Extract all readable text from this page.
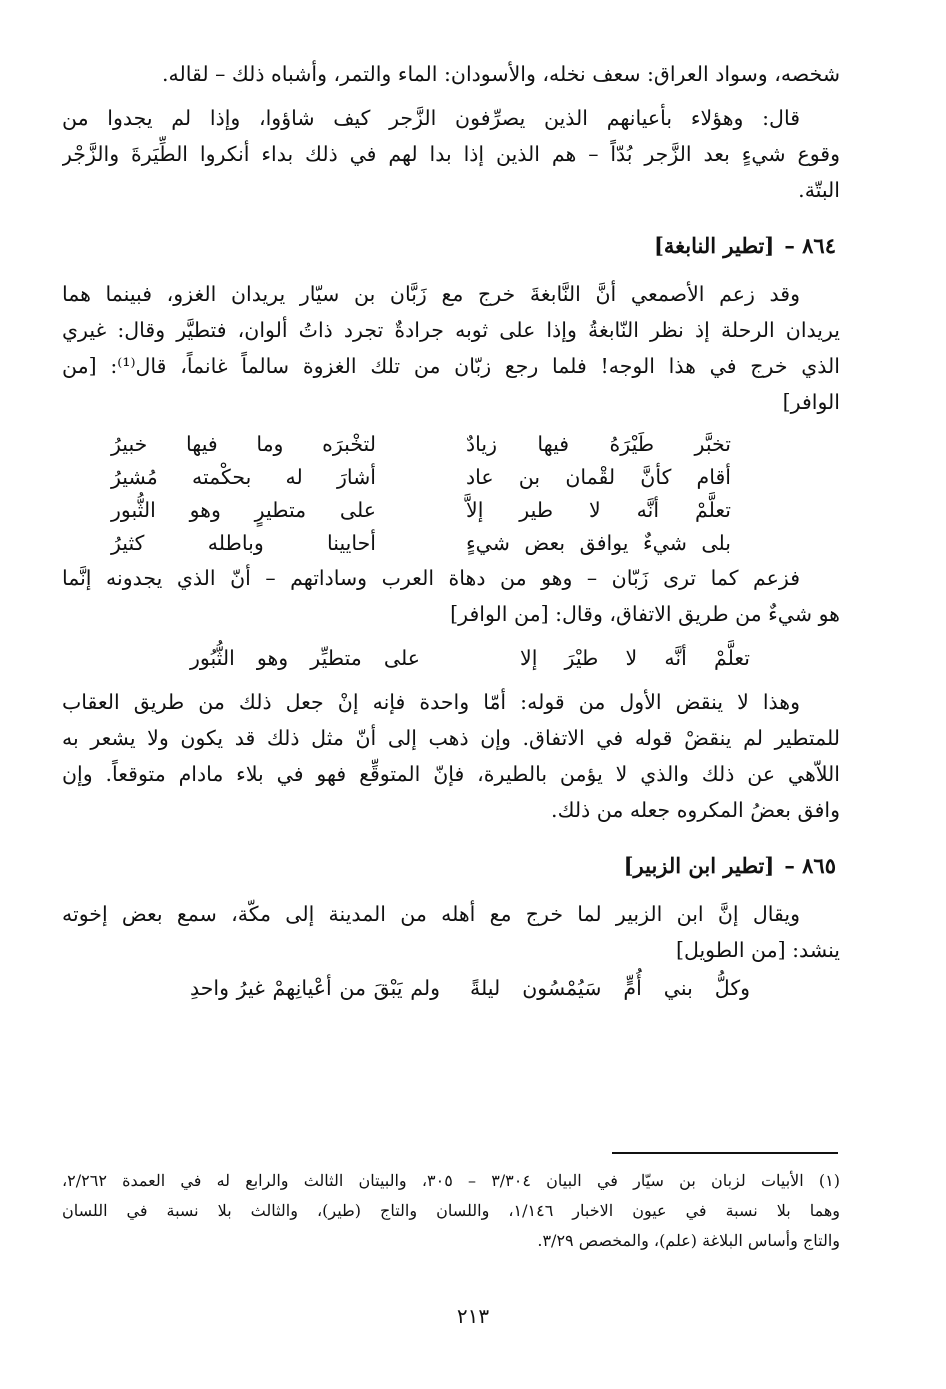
شخصه، وسواد العراق: سعف نخله، والأسودان: الماء والتمر، وأشباه ذلك – لقاله.

قال: وهؤلاء بأعيانهم الذين يصرِّفون الزَّجر كيف شاؤوا، وإذا لم يجدوا من
وقوع شيءٍ بعد الزَّجر بُدّاً – هم الذين إذا بدا لهم في ذلك بداء أنكروا الطِّيَرةَ والزَّجْر
البتّة.

٨٦٤ –[تطير النابغة]

وقد زعم الأصمعي أنَّ النَّابغةَ خرج مع زَبَّان بن سيّار يريدان الغزو، فبينما هما
يريدان الرحلة إذ نظر النّابغةُ وإذا على ثوبه جرادةٌ تجرد ذاتُ ألوان، فتطيَّر وقال: غيري
الذي خرج في هذا الوجه! فلما رجع زبّان من تلك الغزوة سالماً غانماً، قال⁽¹⁾: [من
الوافر]

تخبَّر طَيْرَهُ فيها زيادٌ
لتخْبرَه وما فيها خبيرُ
أقام كأنَّ لقْمان بن عاد
أشارَ له بحكْمته مُشيرُ
تعلَّمْ أنَّه لا طير إلاَّ
على متطيرٍ وهو الثُّبور
بلى شيءٌ يوافق بعض شيءٍ
أحايينا وباطله كثيرُ

فزعم كما ترى زَبّان – وهو من دهاة العرب وساداتهم – أنّ الذي يجدونه إنَّما
هو شيءٌ من طريق الاتفاق، وقال: [من الوافر]

تعلَّمْ أنَّه لا طيْرَ إلا
على متطيِّر وهو الثُّبُور

وهذا لا ينقض الأول من قوله: أمّا واحدة فإنه إنْ جعل ذلك من طريق العقاب
للمتطير لم ينقضْ قوله في الاتفاق. وإن ذهب إلى أنّ مثل ذلك قد يكون ولا يشعر به
اللاّهي عن ذلك والذي لا يؤمن بالطيرة، فإنّ المتوقِّع فهو في بلاء مادام متوقعاً. وإن
وافق بعضُ المكروه جعله من ذلك.

٨٦٥ –[تطير ابن الزبير]

ويقال إنَّ ابن الزبير لما خرج مع أهله من المدينة إلى مكّة، سمع بعض إخوته
ينشد: [من الطويل]

وكلُّ بني أُمٍّ سَيُمْسُون ليلةً
ولم يَبْقَ من أعْيانِهمْ غيرُ واحدِ
(١) الأبيات لزبان بن سيّار في البيان ٣/٣٠٤ – ٣٠٥، والبيتان الثالث والرابع له في العمدة ٢/٢٦٢،
وهما بلا نسبة في عيون الاخبار ١/١٤٦، واللسان والتاج (طير)، والثالث بلا نسبة في اللسان
والتاج وأساس البلاغة (علم)، والمخصص ٣/٢٩.
٢١٣
